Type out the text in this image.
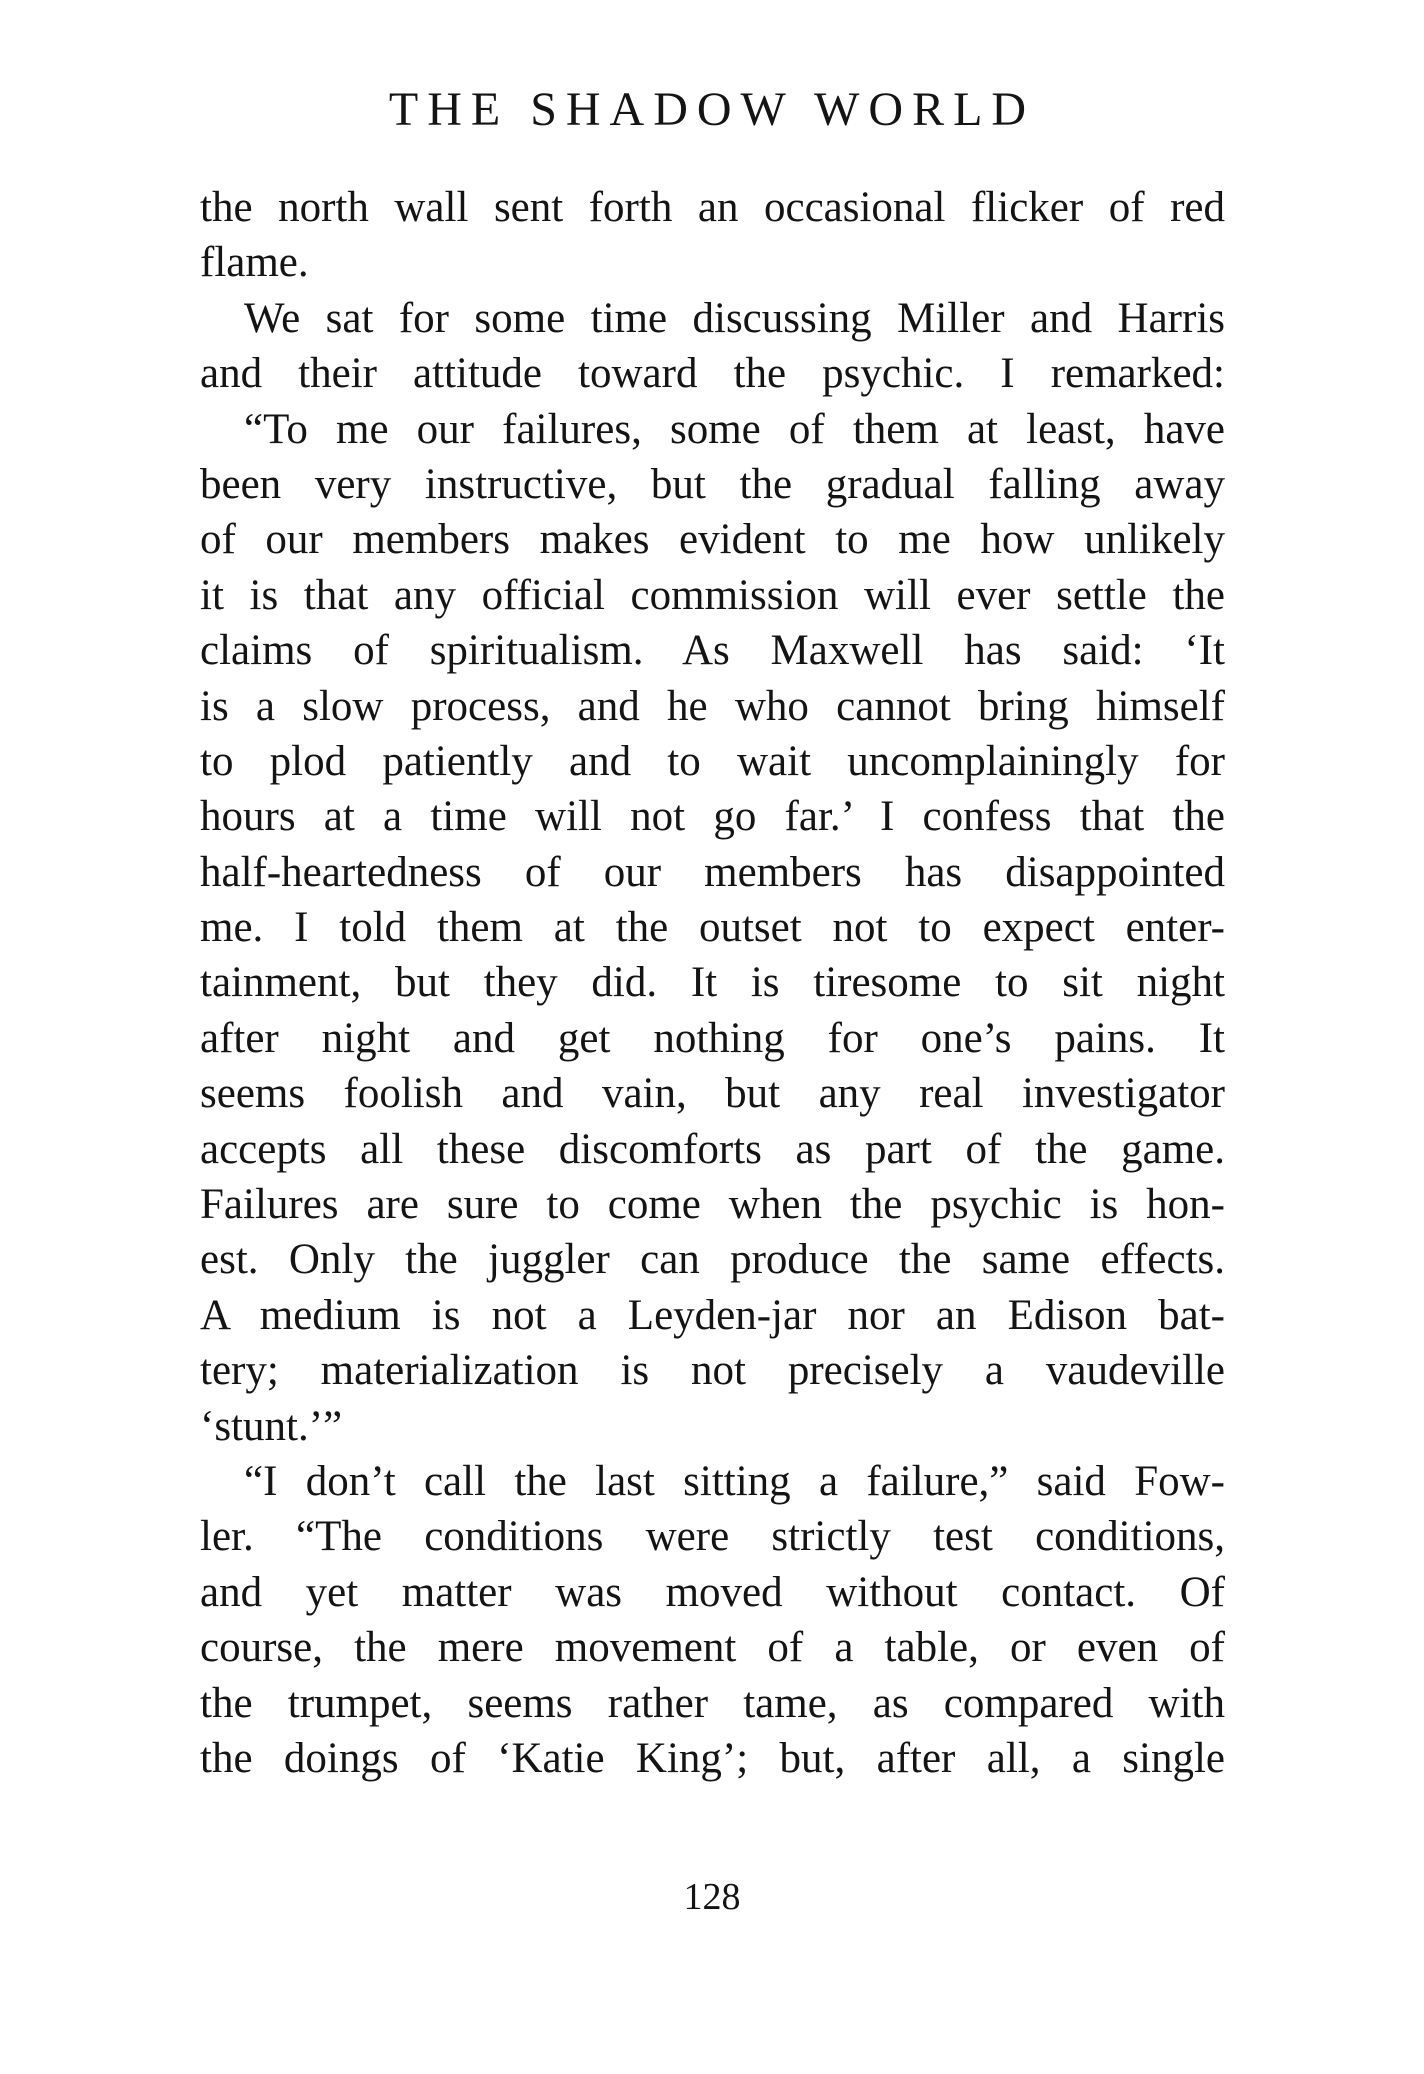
THE SHADOW WORLD
the north wall sent forth an occasional flicker of red
flame.
We sat for some time discussing Miller and Harris
and their attitude toward the psychic. I remarked:
“To me our failures, some of them at least, have
been very instructive, but the gradual falling away
of our members makes evident to me how unlikely
it is that any official commission will ever settle the
claims of spiritualism. As Maxwell has said: ‘It
is a slow process, and he who cannot bring himself
to plod patiently and to wait uncomplainingly for
hours at a time will not go far.’ I confess that the
half-heartedness of our members has disappointed
me. I told them at the outset not to expect enter-
tainment, but they did. It is tiresome to sit night
after night and get nothing for one’s pains. It
seems foolish and vain, but any real investigator
accepts all these discomforts as part of the game.
Failures are sure to come when the psychic is hon-
est. Only the juggler can produce the same effects.
A medium is not a Leyden-jar nor an Edison bat-
tery; materialization is not precisely a vaudeville
‘stunt.’”
“I don’t call the last sitting a failure,” said Fow-
ler. “The conditions were strictly test conditions,
and yet matter was moved without contact. Of
course, the mere movement of a table, or even of
the trumpet, seems rather tame, as compared with
the doings of ‘Katie King’; but, after all, a single
128
